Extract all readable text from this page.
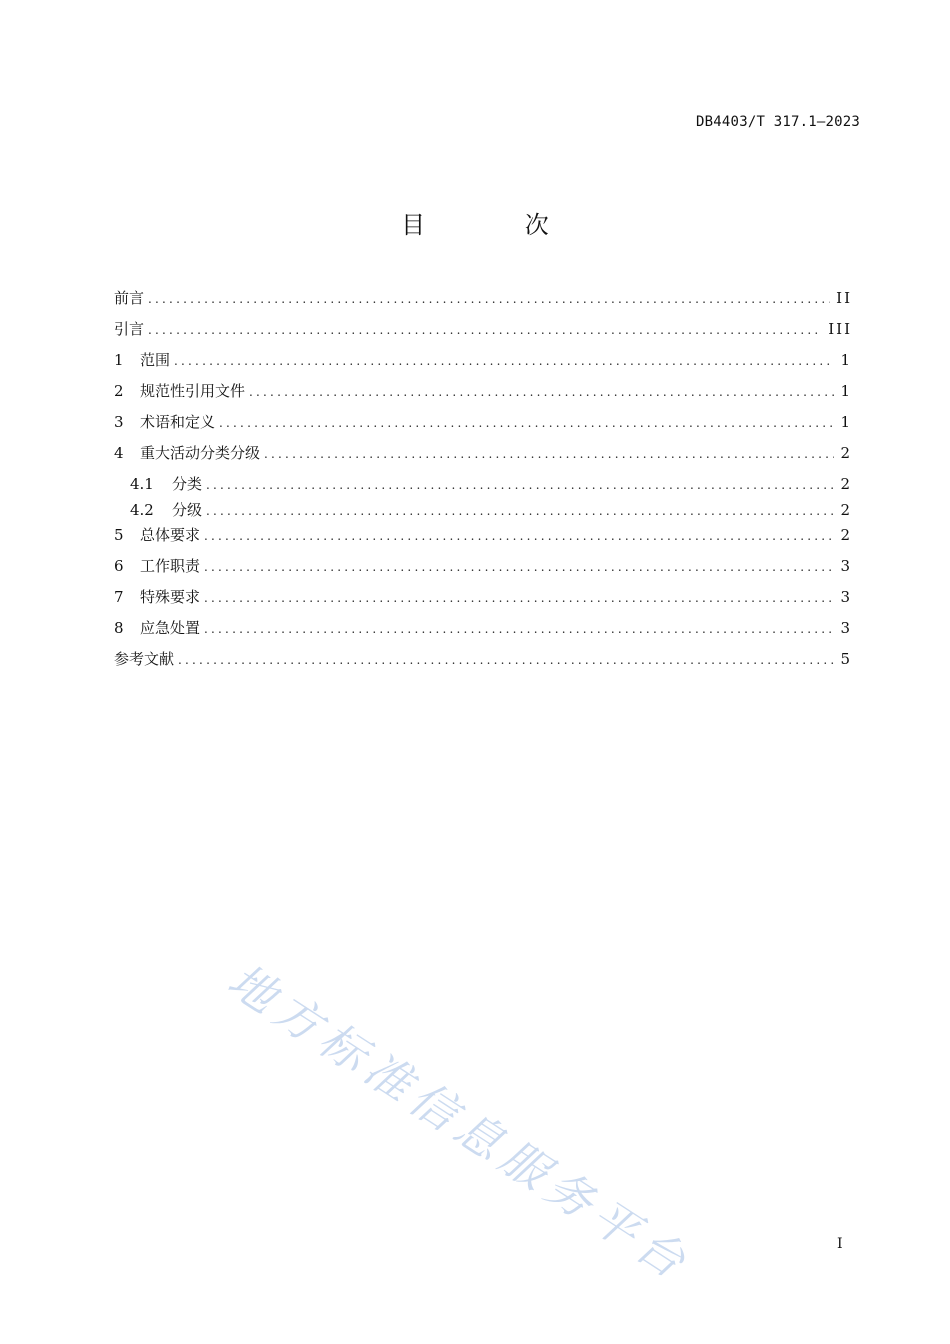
DB4403/T 317.1—2023
目 次
前言 .....	II
引言 .....	III
1	范围 .....	1
2	规范性引用文件 .....	1
3	术语和定义 .....	1
4	重大活动分类分级 .....	2
4.1	分类 .....	2
4.2	分级 .....	2
5	总体要求 .....	2
6	工作职责 .....	3
7	特殊要求 .....	3
8	应急处置 .....	3
参考文献 .....	5
地方标准信息服务平台	I
